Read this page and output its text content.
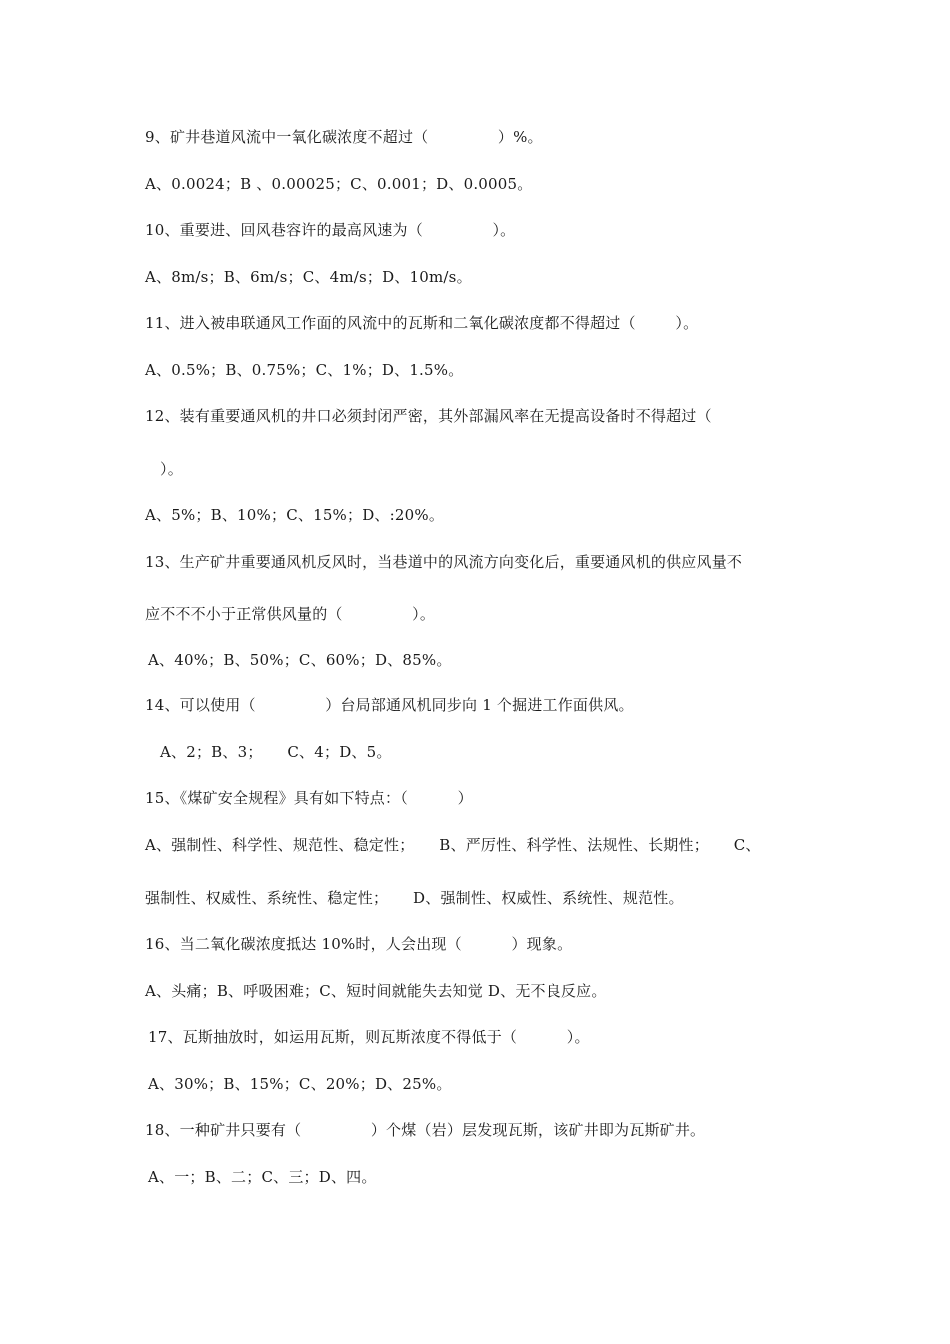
9、矿井巷道风流中一氧化碳浓度不超过（              ）%。
A、0.0024；B 、0.00025；C、0.001；D、0.0005。
10、重要进、回风巷容许的最高风速为（              ）。
A、8m/s；B、6m/s；C、4m/s；D、10m/s。
11、进入被串联通风工作面的风流中的瓦斯和二氧化碳浓度都不得超过（        ）。
A、0.5%；B、0.75%；C、1%；D、1.5%。
12、装有重要通风机的井口必须封闭严密，其外部漏风率在无提高设备时不得超过（
）。
A、5%；B、10%；C、15%；D、:20%。
13、生产矿井重要通风机反风时，当巷道中的风流方向变化后，重要通风机的供应风量不
应不不不小于正常供风量的（              ）。
A、40%；B、50%；C、60%；D、85%。
14、可以使用（              ）台局部通风机同步向 1 个掘进工作面供风。
A、2；B、3；     C、4；D、5。
15、《煤矿安全规程》具有如下特点：（          ）
A、强制性、科学性、规范性、稳定性；     B、严厉性、科学性、法规性、长期性；     C、
强制性、权威性、系统性、稳定性；     D、强制性、权威性、系统性、规范性。
16、当二氧化碳浓度抵达 10%时，人会出现（          ）现象。
A、头痛；B、呼吸困难；C、短时间就能失去知觉 D、无不良反应。
17、瓦斯抽放时，如运用瓦斯，则瓦斯浓度不得低于（          ）。
A、30%；B、15%；C、20%；D、25%。
18、一种矿井只要有（              ）个煤（岩）层发现瓦斯，该矿井即为瓦斯矿井。
A、一；B、二；C、三；D、四。
